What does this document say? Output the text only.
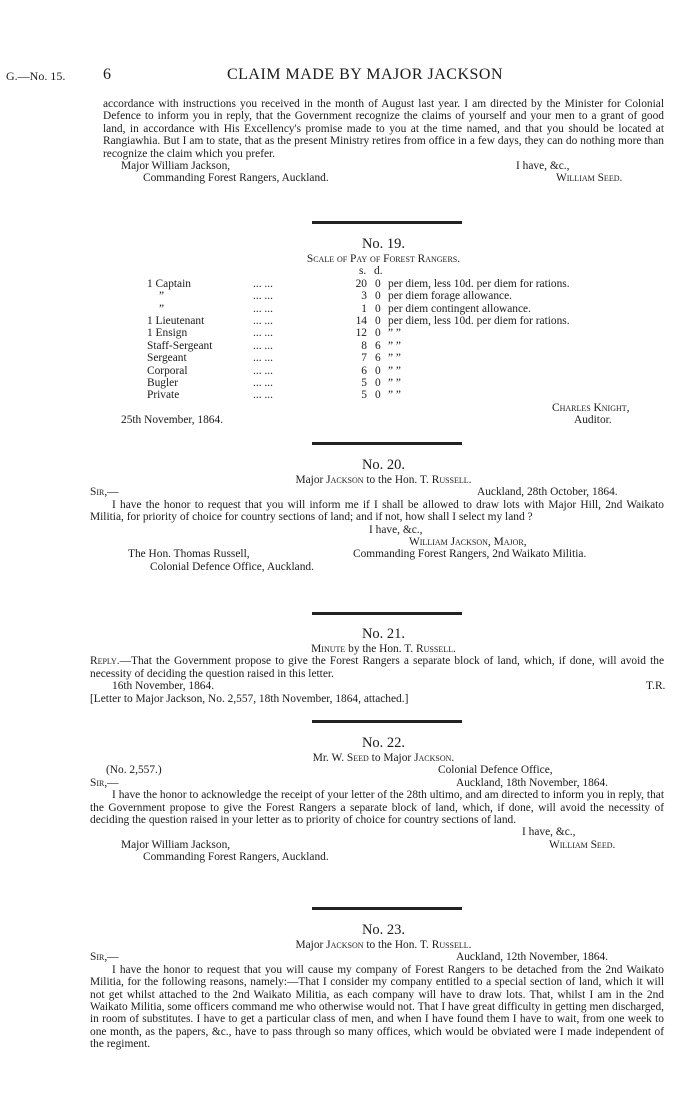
G.—No. 15. 6	CLAIM MADE BY MAJOR JACKSON

accordance with instructions you received in the month of August last year. I am directed by the Minister for Colonial Defence to inform you in reply, that the Government recognize the claims of yourself and your men to a grant of good land, in accordance with His Excellency's promise made to you at the time named, and that you should be located at Rangiawhia. But I am to state, that as the present Ministry retires from office in a few days, they can do nothing more than recognize the claim which you prefer.

Major William Jackson,	I have, &c.,
Commanding Forest Rangers, Auckland.	William Seed.
No. 19.
Scale of Pay of Forest Rangers.
s. d.
1 Captain	... ...	20 0 per diem, less 10d. per diem for rations.
”	... ...	3 0 per diem forage allowance.
”	... ...	1 0 per diem contingent allowance.
1 Lieutenant	... ...	14 0 per diem, less 10d. per diem for rations.
1 Ensign	... ...	12 0 ” ”
Staff-Sergeant	... ...	8 6 ” ”
Sergeant	... ...	7 6 ” ”
Corporal	... ...	6 0 ” ”
Bugler	... ...	5 0 ” ”
Private	... ...	5 0 ” ”
Charles Knight,
25th November, 1864.	Auditor.
No. 20.
Major Jackson to the Hon. T. Russell.
Sir,—	Auckland, 28th October, 1864.

I have the honor to request that you will inform me if I shall be allowed to draw lots with Major Hill, 2nd Waikato Militia, for priority of choice for country sections of land; and if not, how shall I select my land ?

I have, &c.,
William Jackson, Major,
The Hon. Thomas Russell,	Commanding Forest Rangers, 2nd Waikato Militia.
Colonial Defence Office, Auckland.
No. 21.
Minute by the Hon. T. Russell.

Reply.—That the Government propose to give the Forest Rangers a separate block of land, which, if done, will avoid the necessity of deciding the question raised in this letter.

16th November, 1864.	T.R.
[Letter to Major Jackson, No. 2,557, 18th November, 1864, attached.]
No. 22.
Mr. W. Seed to Major Jackson.
(No. 2,557.)	Colonial Defence Office,
Sir,—	Auckland, 18th November, 1864.

I have the honor to acknowledge the receipt of your letter of the 28th ultimo, and am directed to inform you in reply, that the Government propose to give the Forest Rangers a separate block of land, which, if done, will avoid the necessity of deciding the question raised in your letter as to priority of choice for country sections of land.

I have, &c.,
Major William Jackson,	William Seed.
Commanding Forest Rangers, Auckland.
No. 23.
Major Jackson to the Hon. T. Russell.
Sir,—	Auckland, 12th November, 1864.

I have the honor to request that you will cause my company of Forest Rangers to be detached from the 2nd Waikato Militia, for the following reasons, namely:—That I consider my company entitled to a special section of land, which it will not get whilst attached to the 2nd Waikato Militia, as each company will have to draw lots. That, whilst I am in the 2nd Waikato Militia, some officers command me who otherwise would not. That I have great difficulty in getting men discharged, in room of substitutes. I have to get a particular class of men, and when I have found them I have to wait, from one week to one month, as the papers, &c., have to pass through so many offices, which would be obviated were I made independent of the regiment.
